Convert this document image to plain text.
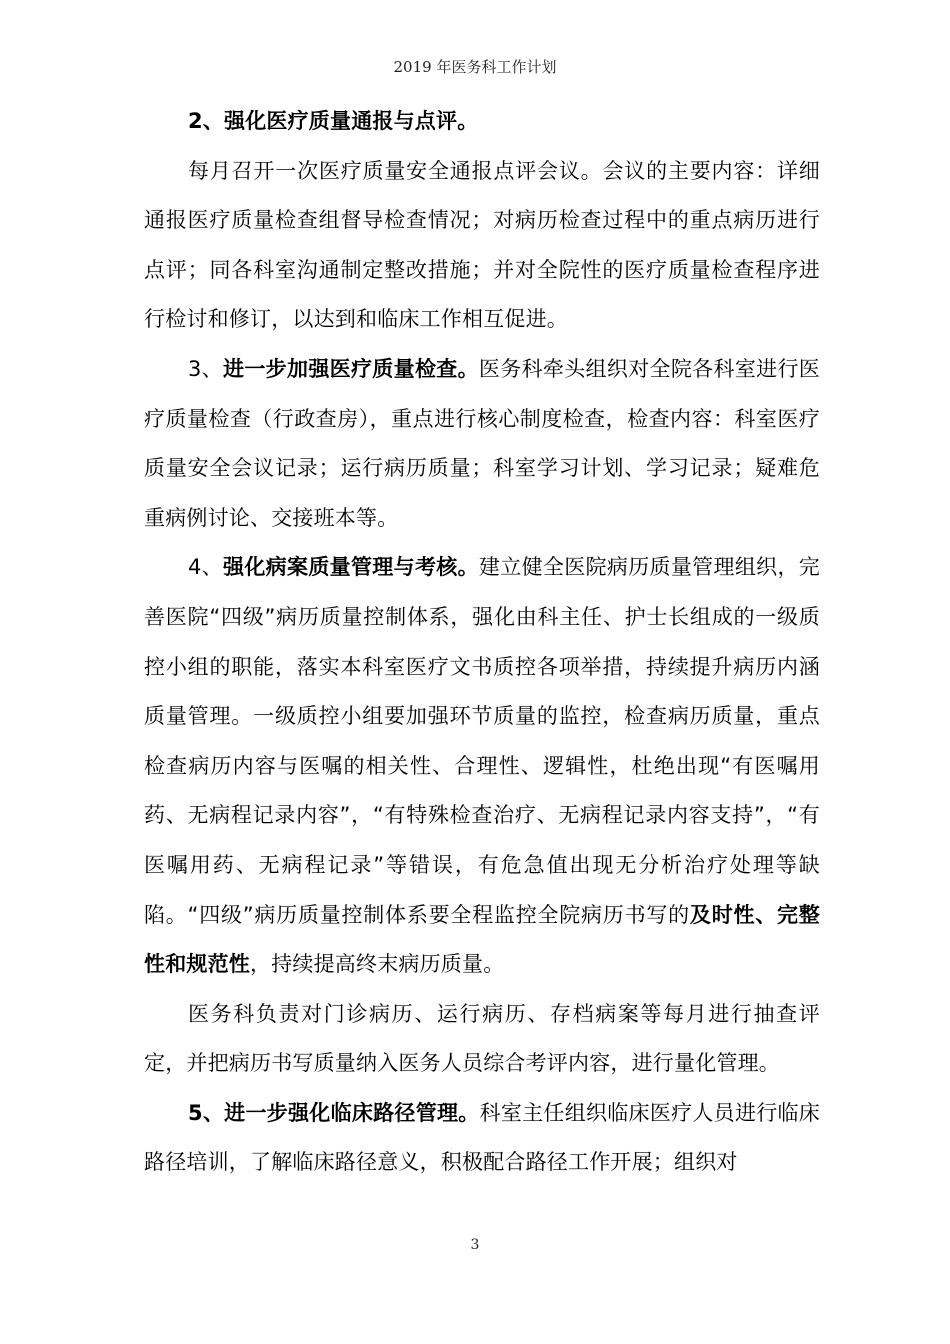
2019 年医务科工作计划

2、强化医疗质量通报与点评。

每月召开一次医疗质量安全通报点评会议。会议的主要内容：详细通报医疗质量检查组督导检查情况；对病历检查过程中的重点病历进行点评；同各科室沟通制定整改措施；并对全院性的医疗质量检查程序进行检讨和修订，以达到和临床工作相互促进。

3、进一步加强医疗质量检查。医务科牵头组织对全院各科室进行医疗质量检查（行政查房），重点进行核心制度检查，检查内容：科室医疗质量安全会议记录；运行病历质量；科室学习计划、学习记录；疑难危重病例讨论、交接班本等。

4、强化病案质量管理与考核。建立健全医院病历质量管理组织，完善医院“四级”病历质量控制体系，强化由科主任、护士长组成的一级质控小组的职能，落实本科室医疗文书质控各项举措，持续提升病历内涵质量管理。一级质控小组要加强环节质量的监控，检查病历质量，重点检查病历内容与医嘱的相关性、合理性、逻辑性，杜绝出现“有医嘱用药、无病程记录内容”，“有特殊检查治疗、无病程记录内容支持”，“有医嘱用药、无病程记录”等错误，有危急值出现无分析治疗处理等缺陷。“四级”病历质量控制体系要全程监控全院病历书写的及时性、完整性和规范性，持续提高终末病历质量。

医务科负责对门诊病历、运行病历、存档病案等每月进行抽查评定，并把病历书写质量纳入医务人员综合考评内容，进行量化管理。

5、进一步强化临床路径管理。科室主任组织临床医疗人员进行临床路径培训，了解临床路径意义，积极配合路径工作开展；组织对

3
